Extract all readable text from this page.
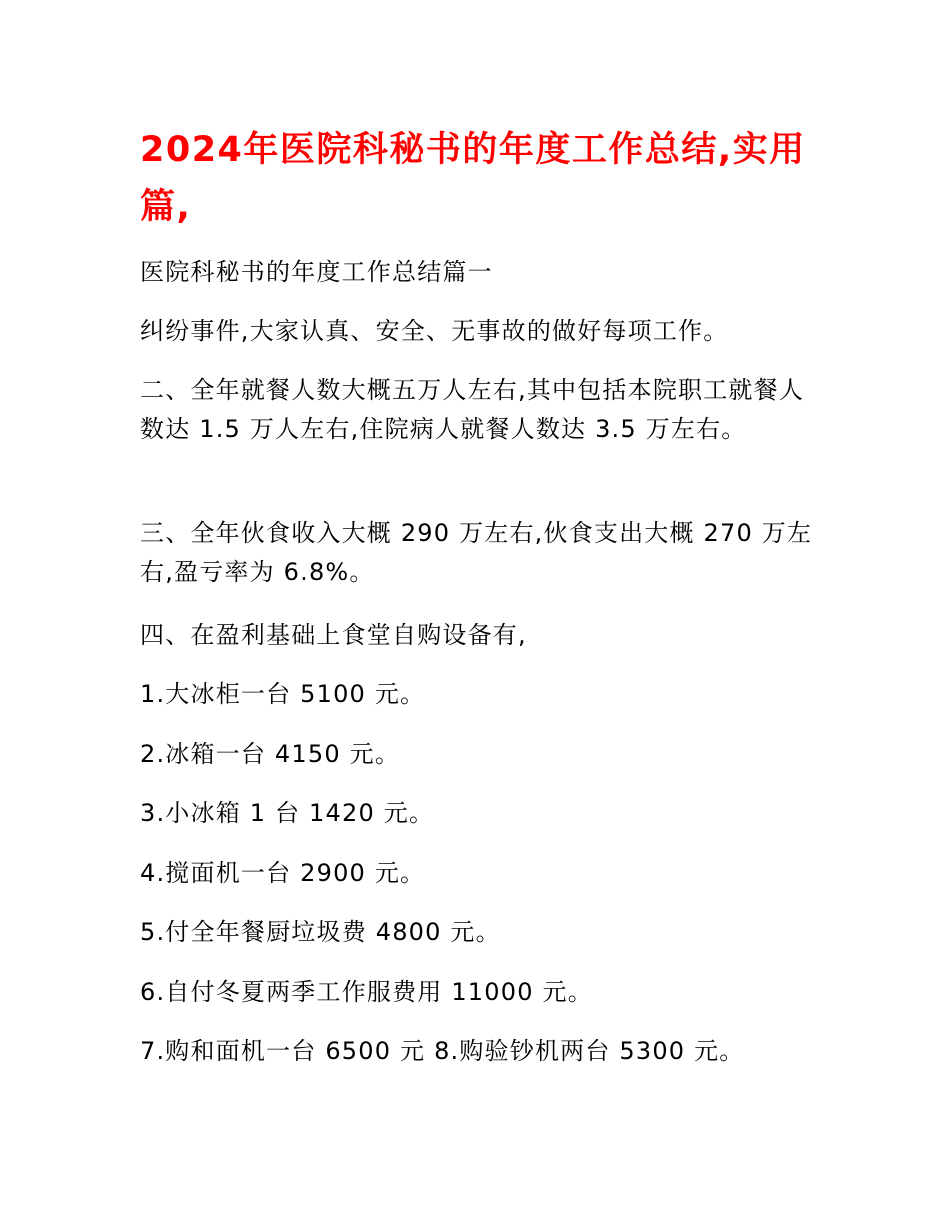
2024年医院科秘书的年度工作总结,实用篇,

医院科秘书的年度工作总结篇一

纠纷事件,大家认真、安全、无事故的做好每项工作。

二、全年就餐人数大概五万人左右,其中包括本院职工就餐人数达 1.5 万人左右,住院病人就餐人数达 3.5 万左右。

三、全年伙食收入大概 290 万左右,伙食支出大概 270 万左右,盈亏率为 6.8%。

四、在盈利基础上食堂自购设备有,

1.大冰柜一台 5100 元。

2.冰箱一台 4150 元。

3.小冰箱 1 台 1420 元。

4.搅面机一台 2900 元。

5.付全年餐厨垃圾费 4800 元。

6.自付冬夏两季工作服费用 11000 元。

7.购和面机一台 6500 元 8.购验钞机两台 5300 元。
